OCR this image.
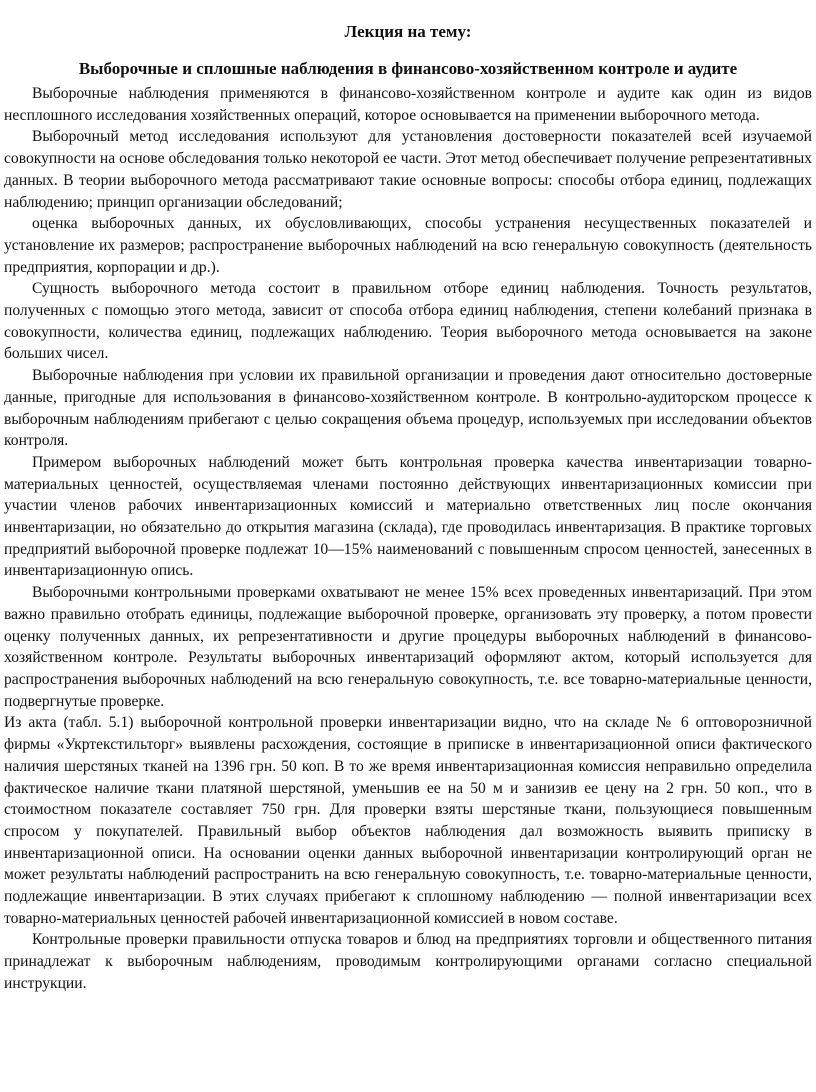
Лекция на тему:
Выборочные и сплошные наблюдения в финансово-хозяйственном контроле и аудите

Выборочные наблюдения применяются в финансово-хозяйственном контроле и аудите как один из видов несплошного исследования хозяйственных операций, которое основывается на применении выборочного метода.

Выборочный метод исследования используют для установления достоверности показателей всей изучаемой совокупности на основе обследования только некоторой ее части. Этот метод обеспечивает получение репрезентативных данных. В теории выборочного метода рассматривают такие основные вопросы: способы отбора единиц, подлежащих наблюдению; принцип организации обследований;

оценка выборочных данных, их обусловливающих, способы устранения несущественных показателей и установление их размеров; распространение выборочных наблюдений на всю генеральную совокупность (деятельность предприятия, корпорации и др.).

Сущность выборочного метода состоит в правильном отборе единиц наблюдения. Точность результатов, полученных с помощью этого метода, зависит от способа отбора единиц наблюдения, степени колебаний признака в совокупности, количества единиц, подлежащих наблюдению. Теория выборочного метода основывается на законе больших чисел.

Выборочные наблюдения при условии их правильной организации и проведения дают относительно достоверные данные, пригодные для использования в финансово-хозяйственном контроле. В контрольно-аудиторском процессе к выборочным наблюдениям прибегают с целью сокращения объема процедур, используемых при исследовании объектов контроля.

Примером выборочных наблюдений может быть контрольная проверка качества инвентаризации товарно-материальных ценностей, осуществляемая членами постоянно действующих инвентаризационных комиссии при участии членов рабочих инвентаризационных комиссий и материально ответственных лиц после окончания инвентаризации, но обязательно до открытия магазина (склада), где проводилась инвентаризация. В практике торговых предприятий выборочной проверке подлежат 10—15% наименований с повышенным спросом ценностей, занесенных в инвентаризационную опись.

Выборочными контрольными проверками охватывают не менее 15% всех проведенных инвентаризаций. При этом важно правильно отобрать единицы, подлежащие выборочной проверке, организовать эту проверку, а потом провести оценку полученных данных, их репрезентативности и другие процедуры выборочных наблюдений в финансово-хозяйственном контроле. Результаты выборочных инвентаризаций оформляют актом, который используется для распространения выборочных наблюдений на всю генеральную совокупность, т.е. все товарно-материальные ценности, подвергнутые проверке.

Из акта (табл. 5.1) выборочной контрольной проверки инвентаризации видно, что на складе № 6 оптоворозничной фирмы «Укртекстильторг» выявлены расхождения, состоящие в приписке в инвентаризационной описи фактического наличия шерстяных тканей на 1396 грн. 50 коп. В то же время инвентаризационная комиссия неправильно определила фактическое наличие ткани платяной шерстяной, уменьшив ее на 50 м и занизив ее цену на 2 грн. 50 коп., что в стоимостном показателе составляет 750 грн. Для проверки взяты шерстяные ткани, пользующиеся повышенным спросом у покупателей. Правильный выбор объектов наблюдения дал возможность выявить приписку в инвентаризационной описи. На основании оценки данных выборочной инвентаризации контролирующий орган не может результаты наблюдений распространить на всю генеральную совокупность, т.е. товарно-материальные ценности, подлежащие инвентаризации. В этих случаях прибегают к сплошному наблюдению — полной инвентаризации всех товарно-материальных ценностей рабочей инвентаризационной комиссией в новом составе.

Контрольные проверки правильности отпуска товаров и блюд на предприятиях торговли и общественного питания принадлежат к выборочным наблюдениям, проводимым контролирующими органами согласно специальной инструкции.
